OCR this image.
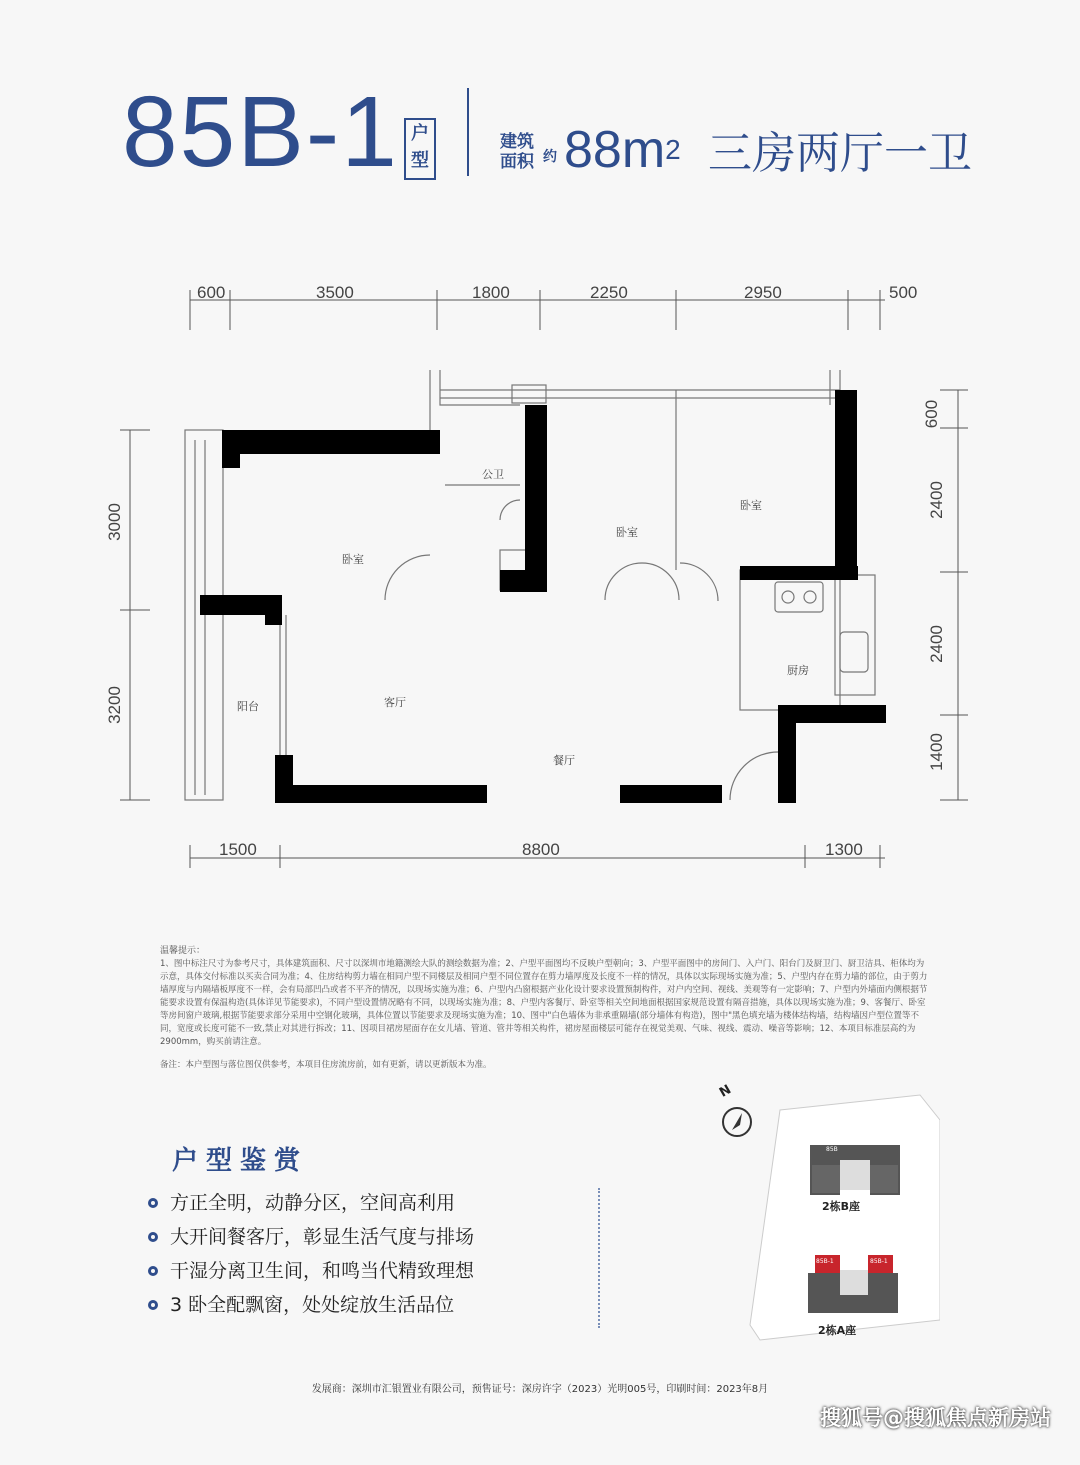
85B-1 户型
建筑面积 约 $88m^2$ 三房两厅一卫
600	3500	1800	2250	2950	500
1500	8800	1300
3000
3200
600
2400
2400
1400
卧室
公卫
卧室
卧室
厨房
客厅
餐厅
阳台
温馨提示：
1、图中标注尺寸为参考尺寸，具体建筑面积、尺寸以深圳市地籍测绘大队的测绘数据为准；2、户型平面图均不反映户型朝向；3、户型平面图中的房间门、入户门、阳台门及厨卫门、厨卫洁具、柜体均为示意，具体交付标准以买卖合同为准；4、住房结构剪力墙在相同户型不同楼层及相同户型不同位置存在剪力墙厚度及长度不一样的情况，具体以实际现场实施为准；5、户型内存在剪力墙的部位，由于剪力墙厚度与内隔墙板厚度不一样，会有局部凹凸或者不平齐的情况，以现场实施为准；6、户型内凸窗根据产业化设计要求设置预制构件，对户内空间、视线、美观等有一定影响；7、户型内外墙面内侧根据节能要求设置有保温构造(具体详见节能要求)，不同户型设置情况略有不同，以现场实施为准；8、户型内客餐厅、卧室等相关空间地面根据国家规范设置有隔音措施，具体以现场实施为准；9、客餐厅、卧室等房间窗户玻璃,根据节能要求部分采用中空钢化玻璃，具体位置以节能要求及现场实施为准；10、图中"白色墙体为非承重隔墙(部分墙体有构造)，图中"黑色填充墙为楼体结构墙，结构墙因户型位置等不同，宽度或长度可能不一致,禁止对其进行拆改；11、因项目裙房屋面存在女儿墙、管道、管井等相关构件，裙房屋面楼层可能存在视觉美观、气味、视线、震动、噪音等影响；12、本项目标准层高约为2900mm，购买前请注意。
备注：本户型图与落位图仅供参考，本项目住房流房前，如有更新，请以更新版本为准。
户型鉴赏
方正全明，动静分区，空间高利用
大开间餐客厅，彰显生活气度与排场
干湿分离卫生间，和鸣当代精致理想
3 卧全配飘窗，处处绽放生活品位
2栋B座
2栋A座
N
85B
85B-1	85B-1
发展商：深圳市汇银置业有限公司，预售证号：深房许字（2023）光明005号，印刷时间：2023年8月
搜狐号@搜狐焦点新房站
